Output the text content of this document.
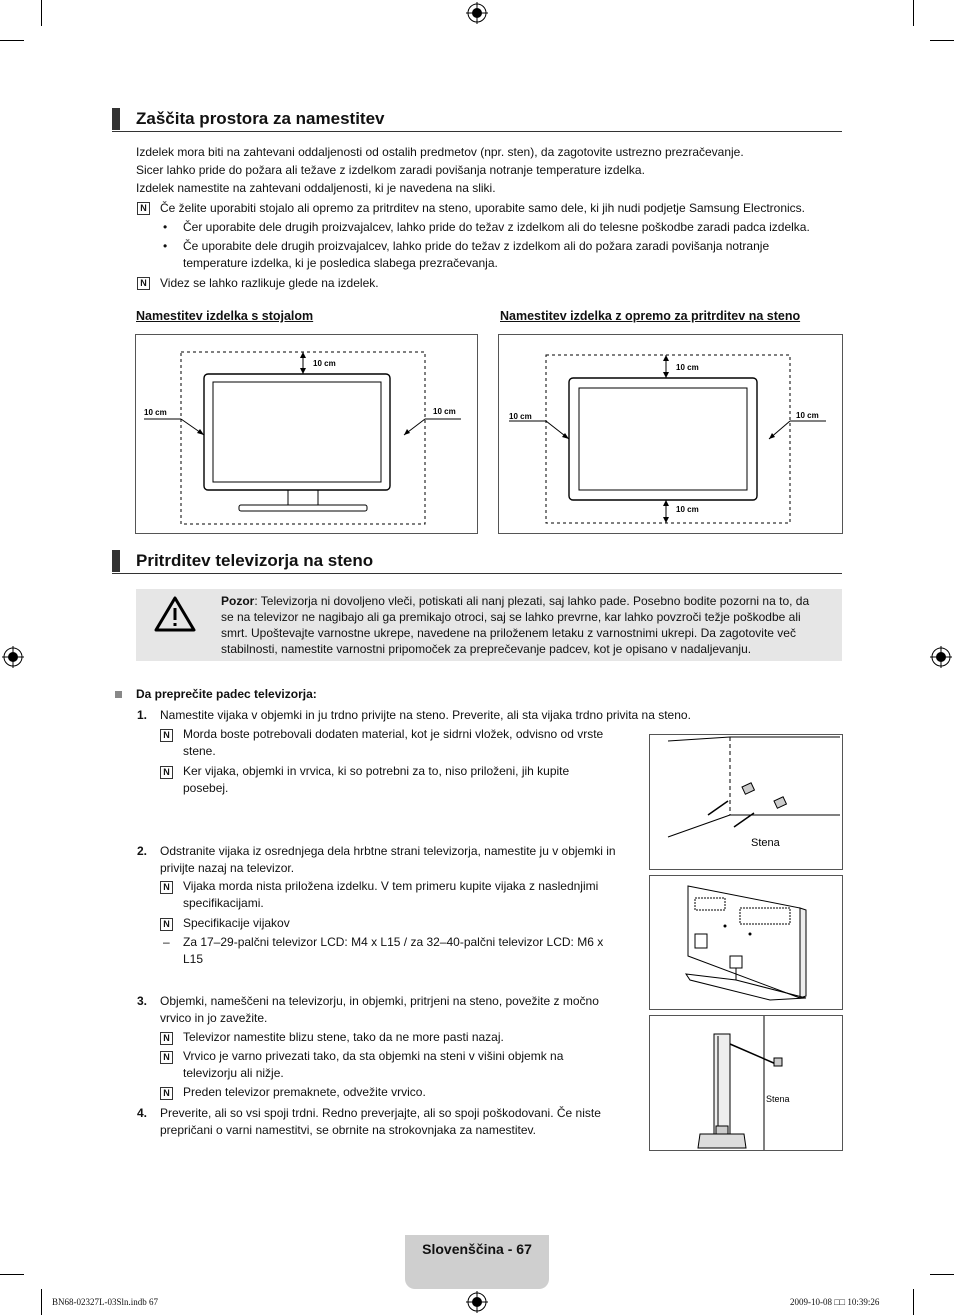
Zaščita prostora za namestitev
Izdelek mora biti na zahtevani oddaljenosti od ostalih predmetov (npr. sten), da zagotovite ustrezno prezračevanje.
Sicer lahko pride do požara ali težave z izdelkom zaradi povišanja notranje temperature izdelka.
Izdelek namestite na zahtevani oddaljenosti, ki je navedena na sliki.
N Če želite uporabiti stojalo ali opremo za pritrditev na steno, uporabite samo dele, ki jih nudi podjetje Samsung Electronics.
• Čer uporabite dele drugih proizvajalcev, lahko pride do težav z izdelkom ali do telesne poškodbe zaradi padca izdelka.
• Če uporabite dele drugih proizvajalcev, lahko pride do težav z izdelkom ali do požara zaradi povišanja notranje
temperature izdelka, ki je posledica slabega prezračevanja.
N Videz se lahko razlikuje glede na izdelek.
Namestitev izdelka s stojalom	Namestitev izdelka z opremo za pritrditev na steno
10 cm
10 cm	10 cm
10 cm
10 cm
10 cm	10 cm
Pritrditev televizorja na steno
Pozor: Televizorja ni dovoljeno vleči, potiskati ali nanj plezati, saj lahko pade. Posebno bodite pozorni na to, da
se na televizor ne nagibajo ali ga premikajo otroci, saj se lahko prevrne, kar lahko povzroči težje poškodbe ali
smrt. Upoštevajte varnostne ukrepe, navedene na priloženem letaku z varnostnimi ukrepi. Da zagotovite več
stabilnosti, namestite varnostni pripomoček za preprečevanje padcev, kot je opisano v nadaljevanju.
Da preprečite padec televizorja:
1. Namestite vijaka v objemki in ju trdno privijte na steno. Preverite, ali sta vijaka trdno privita na steno.
N Morda boste potrebovali dodaten material, kot je sidrni vložek, odvisno od vrste
stene.
N Ker vijaka, objemki in vrvica, ki so potrebni za to, niso priloženi, jih kupite
posebej.
2. Odstranite vijaka iz osrednjega dela hrbtne strani televizorja, namestite ju v objemki in
privijte nazaj na televizor.
N Vijaka morda nista priložena izdelku. V tem primeru kupite vijaka z naslednjimi
specifikacijami.
N Specifikacije vijakov
– Za 17–29-palčni televizor LCD: M4 x L15 / za 32–40-palčni televizor LCD: M6 x
L15
3. Objemki, nameščeni na televizorju, in objemki, pritrjeni na steno, povežite z močno
vrvico in jo zavežite.
N Televizor namestite blizu stene, tako da ne more pasti nazaj.
N Vrvico je varno privezati tako, da sta objemki na steni v višini objemk na
televizorju ali nižje.
N Preden televizor premaknete, odvežite vrvico.
4. Preverite, ali so vsi spoji trdni. Redno preverjajte, ali so spoji poškodovani. Če niste
prepričani o varni namestitvi, se obrnite na strokovnjaka za namestitev.
Stena
Stena
Slovenščina - 67
BN68-02327L-03Sln.indb 67	2009-10-08 □□ 10:39:26
